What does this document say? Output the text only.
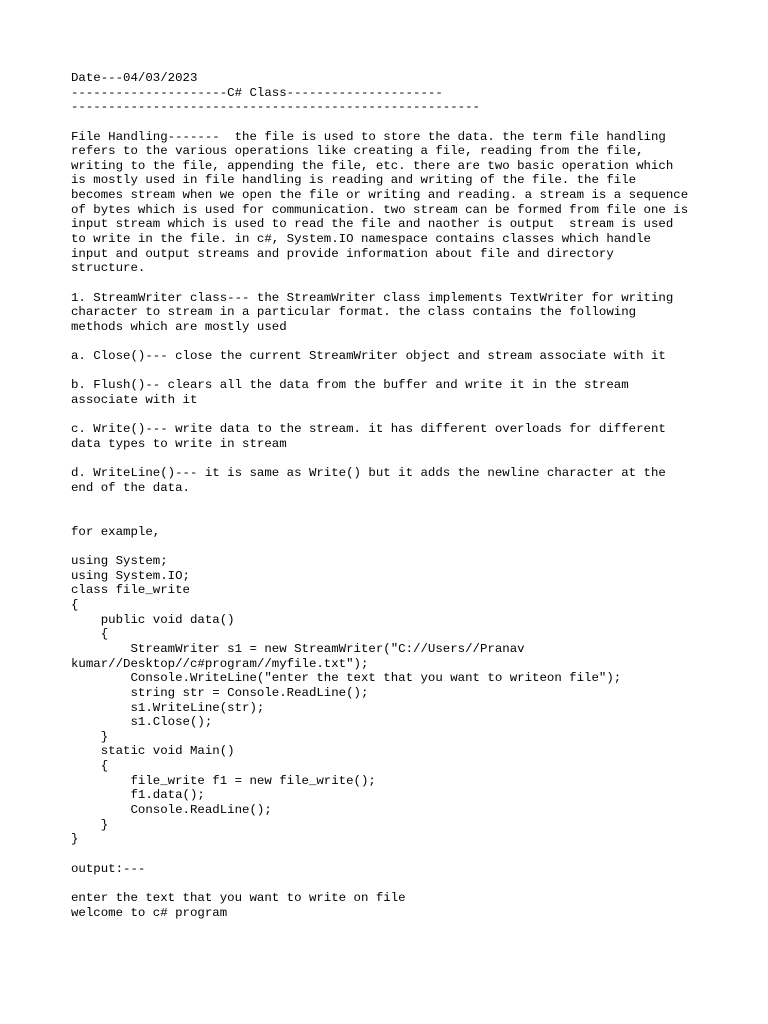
Date---04/03/2023
---------------------C# Class---------------------
-------------------------------------------------------
File Handling-------  the file is used to store the data. the term file handling
refers to the various operations like creating a file, reading from the file,
writing to the file, appending the file, etc. there are two basic operation which
is mostly used in file handling is reading and writing of the file. the file
becomes stream when we open the file or writing and reading. a stream is a sequence
of bytes which is used for communication. two stream can be formed from file one is
input stream which is used to read the file and naother is output  stream is used
to write in the file. in c#, System.IO namespace contains classes which handle
input and output streams and provide information about file and directory
structure.
1. StreamWriter class--- the StreamWriter class implements TextWriter for writing
character to stream in a particular format. the class contains the following
methods which are mostly used
a. Close()--- close the current StreamWriter object and stream associate with it
b. Flush()-- clears all the data from the buffer and write it in the stream
associate with it
c. Write()--- write data to the stream. it has different overloads for different
data types to write in stream
d. WriteLine()--- it is same as Write() but it adds the newline character at the
end of the data.
for example,
using System;
using System.IO;
class file_write
{
public void data()
{
StreamWriter s1 = new StreamWriter("C://Users//Pranav
kumar//Desktop//c#program//myfile.txt");
Console.WriteLine("enter the text that you want to writeon file");
string str = Console.ReadLine();
s1.WriteLine(str);
s1.Close();
}
static void Main()
{
file_write f1 = new file_write();
f1.data();
Console.ReadLine();
}
}
output:---
enter the text that you want to write on file
welcome to c# program
